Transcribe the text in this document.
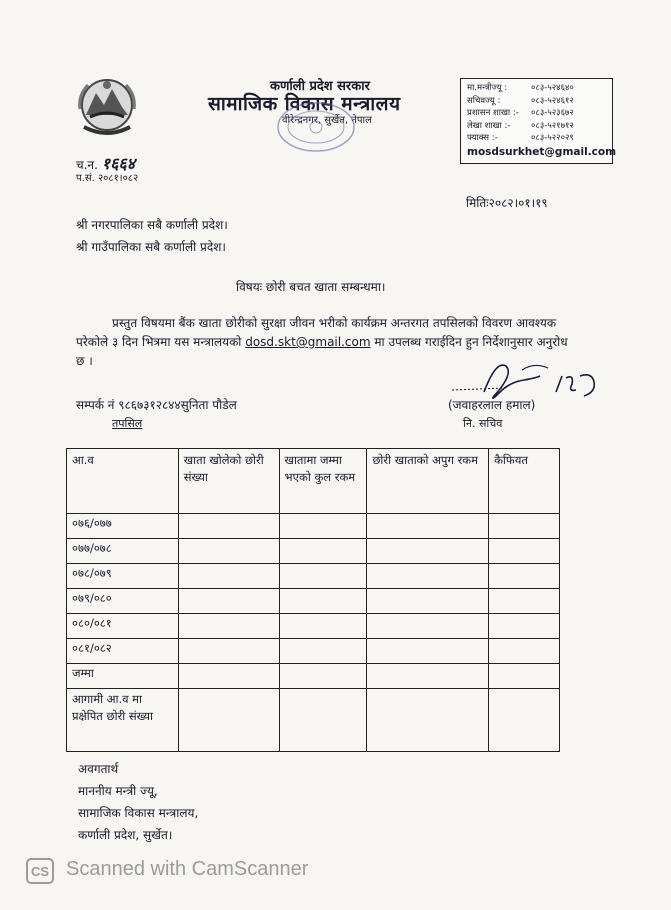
कर्णाली प्रदेश सरकार
सामाजिक विकास मन्त्रालय
वीरेन्द्रनगर, सुर्खेत, नेपाल
मा.मन्त्रीज्यू :	०८३-५२४६४०
सचिवज्यू :	०८३-५२४६१२
प्रशासन शाखा :-	०८३-५२३६७२
लेखा शाखा :-	०८३-५२१७१२
फ्याक्स :-	०८३-५२२०२९
mosdsurkhet@gmail.com
च.न. १६६४
प.सं. २०८१।०८२
मितिः२०८२।०१।१९
श्री नगरपालिका सबै कर्णाली प्रदेश।
श्री गाउँपालिका सबै कर्णाली प्रदेश।
विषयः छोरी बचत खाता सम्बन्धमा।
प्रस्तुत विषयमा बैंक खाता छोरीको सुरक्षा जीवन भरीको कार्यक्रम अन्तरगत तपसिलको विवरण आवश्यक परेकोले ३ दिन भित्रमा यस मन्त्रालयको dosd.skt@gmail.com मा उपलब्ध गराईदिन हुन निर्देशानुसार अनुरोध छ ।
सम्पर्क नं ९८६७३१२८४४सुनिता पौडेल
तपसिल
(जवाहरलाल हमाल)
नि. सचिव
आ.व	खाता खोलेको छोरी संख्या	खातामा जम्मा भएको कुल रकम	छोरी खाताको अपुग रकम	कैफियत
०७६/०७७				
०७७/०७८				
०७८/०७९				
०७९/०८०				
०८०/०८१				
०८१/०८२				
जम्मा				
आगामी आ.व मा प्रक्षेपित छोरी संख्या				
अवगतार्थ
माननीय मन्त्री ज्यू,
सामाजिक विकास मन्त्रालय,
कर्णाली प्रदेश, सुर्खेत।
CS Scanned with CamScanner
